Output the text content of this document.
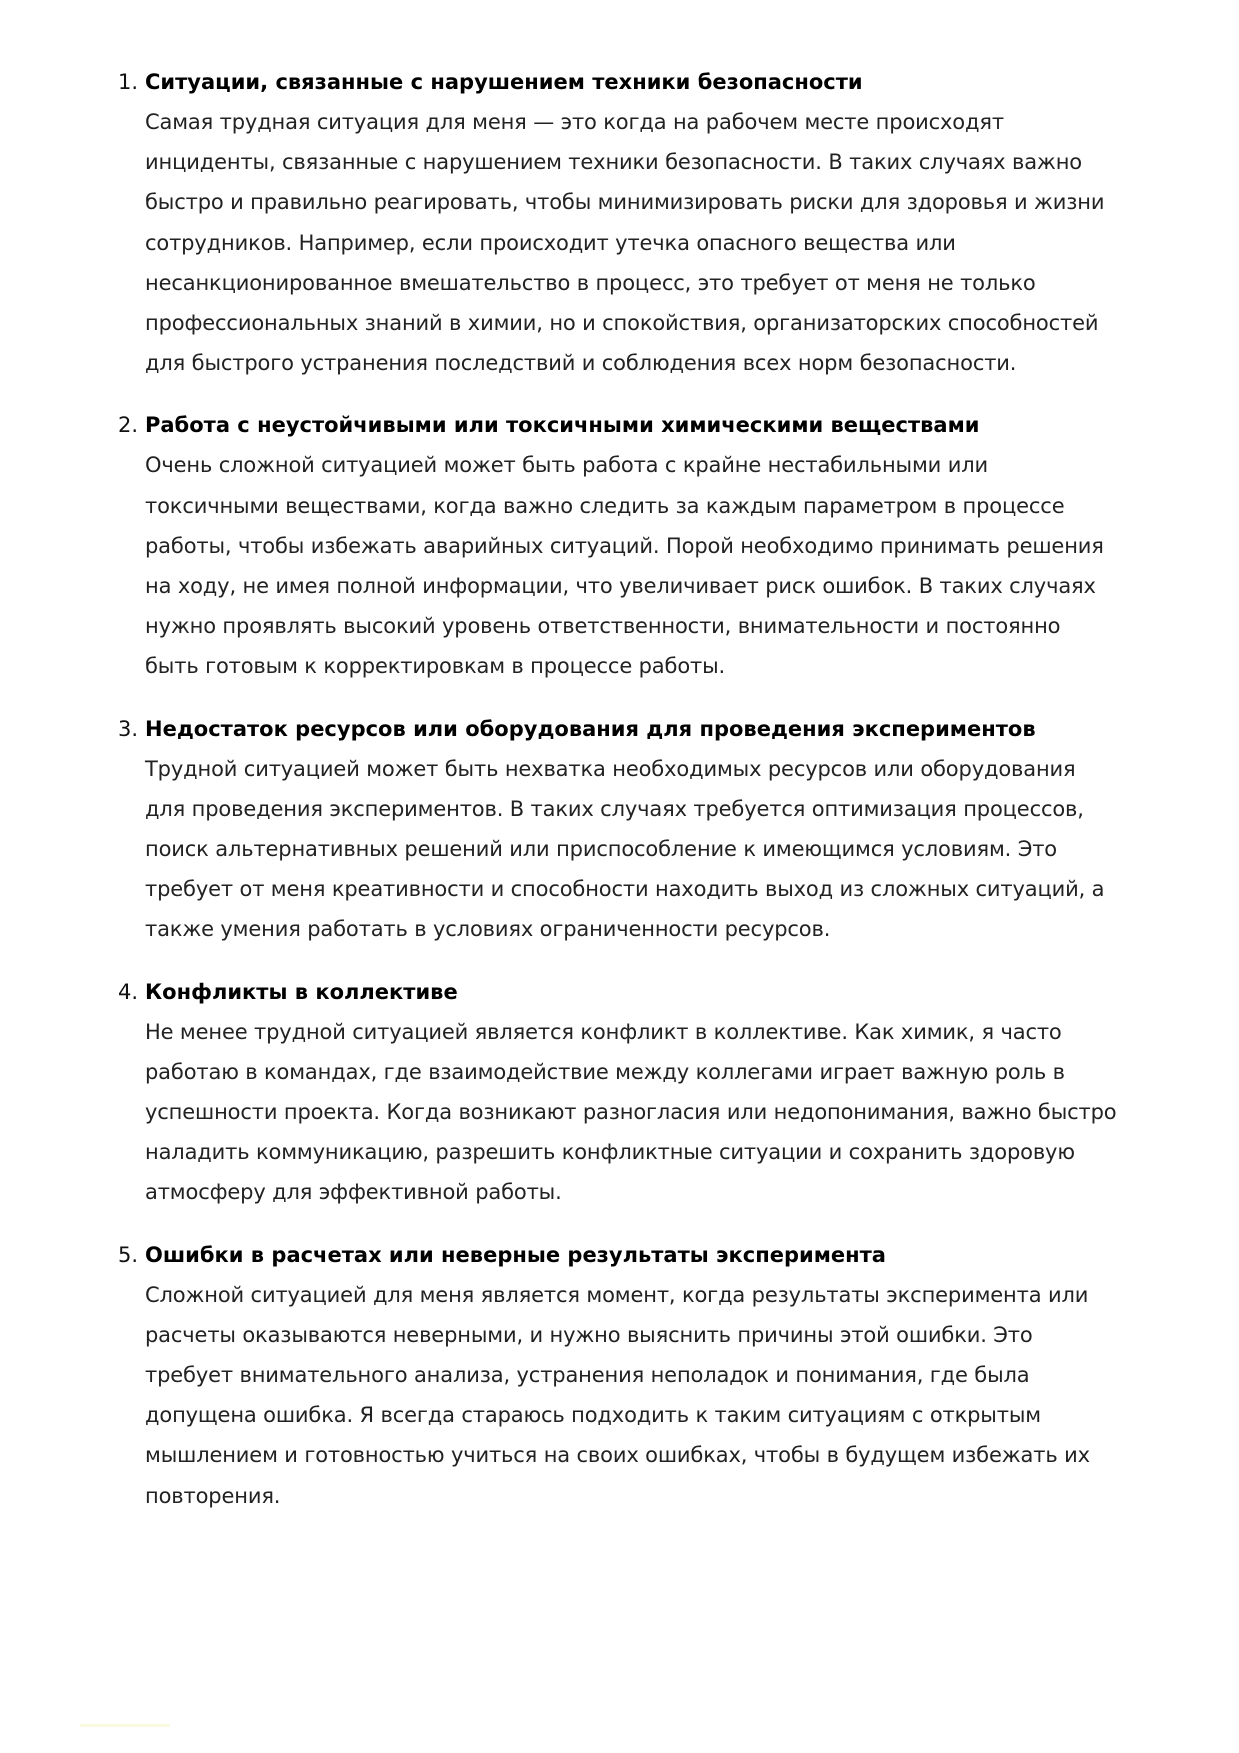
1. Ситуации, связанные с нарушением техники безопасности
Самая трудная ситуация для меня — это когда на рабочем месте происходят
инциденты, связанные с нарушением техники безопасности. В таких случаях важно
быстро и правильно реагировать, чтобы минимизировать риски для здоровья и жизни
сотрудников. Например, если происходит утечка опасного вещества или
несанкционированное вмешательство в процесс, это требует от меня не только
профессиональных знаний в химии, но и спокойствия, организаторских способностей
для быстрого устранения последствий и соблюдения всех норм безопасности.
2. Работа с неустойчивыми или токсичными химическими веществами
Очень сложной ситуацией может быть работа с крайне нестабильными или
токсичными веществами, когда важно следить за каждым параметром в процессе
работы, чтобы избежать аварийных ситуаций. Порой необходимо принимать решения
на ходу, не имея полной информации, что увеличивает риск ошибок. В таких случаях
нужно проявлять высокий уровень ответственности, внимательности и постоянно
быть готовым к корректировкам в процессе работы.
3. Недостаток ресурсов или оборудования для проведения экспериментов
Трудной ситуацией может быть нехватка необходимых ресурсов или оборудования
для проведения экспериментов. В таких случаях требуется оптимизация процессов,
поиск альтернативных решений или приспособление к имеющимся условиям. Это
требует от меня креативности и способности находить выход из сложных ситуаций, а
также умения работать в условиях ограниченности ресурсов.
4. Конфликты в коллективе
Не менее трудной ситуацией является конфликт в коллективе. Как химик, я часто
работаю в командах, где взаимодействие между коллегами играет важную роль в
успешности проекта. Когда возникают разногласия или недопонимания, важно быстро
наладить коммуникацию, разрешить конфликтные ситуации и сохранить здоровую
атмосферу для эффективной работы.
5. Ошибки в расчетах или неверные результаты эксперимента
Сложной ситуацией для меня является момент, когда результаты эксперимента или
расчеты оказываются неверными, и нужно выяснить причины этой ошибки. Это
требует внимательного анализа, устранения неполадок и понимания, где была
допущена ошибка. Я всегда стараюсь подходить к таким ситуациям с открытым
мышлением и готовностью учиться на своих ошибках, чтобы в будущем избежать их
повторения.
